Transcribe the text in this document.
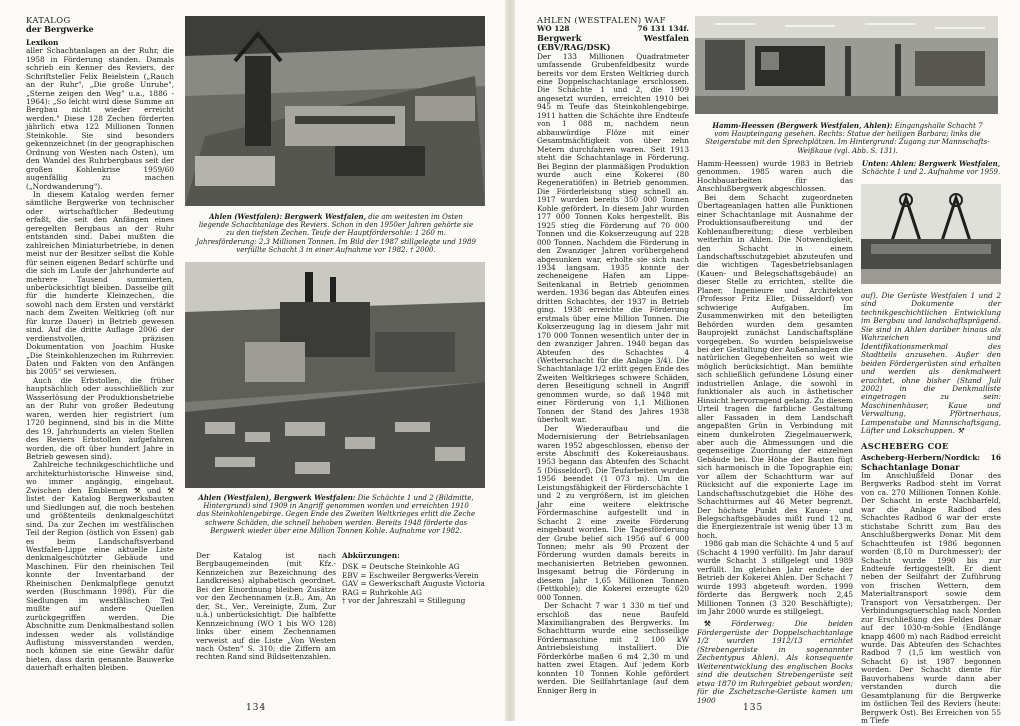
KATALOG
der Bergwerke
Lexikon

aller Schachtanlagen an der Ruhr, die 1958 in Förderung standen. Damals schrieb ein Kenner des Reviers, der Schriftsteller Felix Beielstein („Rauch an der Ruhr", „Die große Unruhe", „Sterne zeigen den Weg" u.a., 1886 - 1964): „So leicht wird diese Summe an Bergbau nicht wieder erreicht werden." Diese 128 Zechen förderten jährlich etwa 122 Millionen Tonnen Steinkohle. Sie sind besonders gekennzeichnet (in der geographischen Ordnung von Westen nach Osten), um den Wandel des Ruhrbergbaus seit der großen Kohlenkrise 1959/60 augenfällig zu machen („Nordwanderung").

In diesem Katalog werden ferner sämtliche Bergwerke von technischer oder wirtschaftlicher Bedeutung erfaßt, die seit den Anfängen eines geregelten Bergbaus an der Ruhr entstanden sind. Dabei mußten die zahlreichen Miniaturbetriebe, in denen meist nur der Besitzer selbst die Kohle für seinen eigenen Bedarf schürfte und die sich im Laufe der Jahrhunderte auf mehrere Tausend summierten, unberücksichtigt bleiben. Dasselbe gilt für die hunderte Kleinzechen, die sowohl nach dem Ersten und verstärkt nach dem Zweiten Weltkrieg (oft nur für kurze Dauer) in Betrieb gewesen sind. Auf die dritte Auflage 2006 der verdienstvollen, präzisen Dokumentation von Joachim Huske „Die Steinkohlenzechen im Ruhrrevier. Daten und Fakten von den Anfängen bis 2005" sei verwiesen.

Auch die Erbstollen, die früher hauptsächlich oder ausschließlich zur Wasserlösung der Produktionsbetriebe an der Ruhr von großer Bedeutung waren, werden hier registriert (um 1720 beginnend, sind bis in die Mitte des 19. Jahrhunderts an vielen Stellen des Reviers Erbstollen aufgefahren worden, die oft über hundert Jahre in Betrieb gewesen sind).

Zahlreiche technikgeschichtliche und architekturhistorische Hinweise sind, wo immer angängig, eingebaut. Zwischen den Emblemen ⚒ und ⚒ listet der Katalog Bergwerksbauten und Siedlungen auf, die noch bestehen und größtenteils denkmalgeschützt sind. Da zur Zechen im westfälischen Teil der Region (östlich von Essen) gab es beim Landschaftsverband Westfalen-Lippe eine aktuelle Liste denkmalgeschützter Gebäude und Maschinen. Für den rheinischen Teil konnte der Inventarband der Rheinischen Denkmalpflege genutzt werden (Buschmann 1998). Für die Siedlungen im westfälischen Teil mußte auf andere Quellen zurückgegriffen werden. Die Abschnitte zum Denkmalbestand sollen indessen weder als vollständige Auflistung missverstanden werden, noch können sie eine Gewähr dafür bieten, dass darin genannte Bauwerke dauerhaft erhalten bleiben.

Ahlen (Westfalen): Bergwerk Westfalen, die am weitesten im Osten liegende Schachtanlage des Reviers. Schon in den 1950er Jahren gehörte sie zu den tiefsten Zechen. Teufe der Hauptfördersohle: 1 260 m. Jahresförderung: 2,3 Millionen Tonnen. Im Bild der 1987 stillgelegte und 1989 verfüllte Schacht 3 in einer Aufnahme vor 1982. † 2000.
Ahlen (Westfalen), Bergwerk Westfalen: Die Schächte 1 und 2 (Bildmitte, Hintergrund) sind 1909 in Angriff genommen worden und erreichten 1910 das Steinkohlengebirge. Gegen Ende des Zweiten Weltkrieges erlitt die Zeche schwere Schäden, die schnell behoben werden. Bereits 1948 förderte das Bergwerk wieder über eine Million Tonnen Kohle. Aufnahme vor 1982.

Der Katalog ist nach Bergbaugemeinden (mit Kfz.-Kennzeichen zur Bezeichnung des Landkreises) alphabetisch geordnet. Bei der Einordnung bleiben Zusätze vor den Zechennamen (z.B., Am, An der, St., Ver., Vereinigte, Zum, Zur u.ä.) unberücksichtigt. Die halbfette Kennzeichnung (WO 1 bis WO 128) links über einem Zechennamen verweist auf die Liste „Von Westen nach Osten" S. 310; die Ziffern am rechten Rand sind Bildseitenzahlen.

Abkürzungen:
DSK = Deutsche Steinkohle AG
EBV = Eschweiler Bergwerks-Verein
GAV = Gewerkschaft Auguste Victoria
RAG = Ruhrkohle AG
† vor der Jahreszahl = Stillegung
134
AHLEN (WESTFALEN) WAF
WO 128	76 131 134f.
Bergwerk Westfalen (EBV/RAG/DSK)

Der 133 Millionen Quadratmeter umfassende Grubenfeldbesitz wurde bereits vor dem Ersten Weltkrieg durch eine Doppelschachtanlage erschlossen. Die Schächte 1 und 2, die 1909 angesetzt wurden, erreichten 1910 bei 945 m Teufe das Steinkohlengebirge. 1911 hatten die Schächte ihre Endteufe von 1 088 m, nachdem neun abbauwürdige Flöze mit einer Gesamtmächtigkeit von über zehn Metern durchfahren waren. Seit 1913 steht die Schachtanlage in Förderung. Bei Beginn der planmäßigen Produktion wurde auch eine Kokerei (80 Regeneratiöfen) in Betrieb genommen. Die Förderleistung stieg schnell an. 1917 wurden bereits 350 000 Tonnen Kohle gefördert. In diesem Jahr wurden 177 000 Tonnen Koks hergestellt. Bis 1925 stieg die Förderung auf 70 000 Tonnen und die Kokserzeugung auf 228 000 Tonnen. Nachdem die Förderung in den Zwanziger Jahren vorübergehend abgesunken war, erholte sie sich nach 1934 langsam. 1935 konnte der zecheneigene Hafen am Lippe-Seitenkanal in Betrieb genommen werden. 1936 began das Abteufen eines dritten Schachtes, der 1937 in Betrieb ging. 1938 erreichte die Förderung erstmals über eine Million Tonnen. Die Kokserzeugung lag in diesem Jahr mit 170 000 Tonnen wesentlich unter der in den zwanziger Jahren. 1940 began das Abteufen des Schachtes 4 (Wetterschacht für die Anlage 3/4). Die Schachtanlage 1/2 erlitt gegen Ende des Zweiten Weltkrieges schwere Schäden, deren Beseitigung schnell in Angriff genommen wurde, so daß 1948 mit einer Förderung von 1,1 Millionen Tonnen der Stand des Jahres 1938 überholt war.

Der Wiederaufbau und die Modernisierung der Betriebsanlagen waren 1952 abgeschlossen, ebenso der erste Abschnitt des Kokereiausbaus. 1953 begann das Abteufen des Schacht 5 (Düsseldorf). Die Teufarbeiten wurden 1956 beendet (1 073 m). Um die Leistungsfähigkeit der Förderschächte 1 und 2 zu vergrößern, ist im gleichen Jahr eine weitere elektrische Fördermaschine aufgestellt und in Schacht 2 eine zweite Förderung eingebaut worden. Die Tagesförderung der Grube belief sich 1956 auf 6 000 Tonnen; mehr als 90 Prozent der Förderung wurden damals bereits in mechanisierten Betrieben gewonnen. Insgesamt betrug die Förderung in diesem Jahr 1,65 Millionen Tonnen (Fettkohle); die Kokerei erzeugte 620 000 Tonnen.

Der Schacht 7 war 1 330 m tief und erschloß das neue Baufeld Maximiliangraben des Bergwerks. Im Schachtturm wurde eine sechsseilige Fördermaschine mit 2 100 kW Antriebsleistung installiert. Die Förderkörbe maßen 6 m4 2,30 m und hatten zwei Etagen. Auf jedem Korb konnten 10 Tonnen Kohle gefördert werden. Die Seilfahrtanlage (auf dem Enniger Berg in

Hamm-Heessen (Bergwerk Westfalen, Ahlen): Eingangshalle Schacht 7 vom Haupteingang gesehen. Rechts: Statue der heiligen Barbara; links die Steigerstube mit den Sprechplätzen. Im Hintergrund: Zugang zur Mannschafts-Weißkaue (vgl. Abb. S. 131).

Hamm-Heessen) wurde 1983 in Betrieb genommen. 1985 waren auch die Hochbauarbeiten für das Anschlußbergwerk abgeschlossen.

Bei dem Schacht zugeordneten Übertageanlagen hatten alle Funktionen einer Schachtanlage mit Ausnahme der Produktionsaufbereitung und der Kohlenaufbereitung; diese verbleiben weiterhin in Ahlen. Die Notwendigkeit, den Schacht in einem Landschaftsschutzgebiet abzuteufen und die wichtigen Tagesbetriebsanlagen (Kauen- und Belegschaftsgebäude) an dieser Stelle zu errichten, stellte die Planer, Ingenieure und Architekten (Professor Fritz Eller, Düsseldorf) vor schwierige Aufgaben. Im Zusammenwirken mit den beteiligten Behörden wurden dem gesamten Bauprojekt zunächst Landschaftspläne vorgegeben. So wurden beispielsweise bei der Gestaltung der Außenanlagen die natürlichen Gegebenheiten so weit wie möglich berücksichtigt. Man bemühte sich schließlich gefundene Lösung einer industriellen Anlage, die sowohl in funktionaler als auch in ästhetischer Hinsicht hervorragend gelang. Zu diesem Urteil tragen die farbliche Gestaltung aller Fassaden in dem Landschaft angepaßten Grün in Verbindung mit einem dunkelroten Ziegelmauerwerk, aber auch die Abmessungen und die gegenseitige Zuordnung der einzelnen Gebäude bei. Die Höhe der Bauten fügt sich harmonisch in die Topographie ein; vor allem der Schachtturm war auf Rücksicht auf die exponierte Lage im Landschaftsschutzgebiet die Höhe des Schachtturmes auf 46 Meter begrenzt. Der höchste Punkt des Kauen- und Belegschaftsgebäudes mißt rund 12 m, die Energiezentrale ist wenig über 13 m hoch.

1986 gab man die Schächte 4 und 5 auf (Schacht 4 1990 verfüllt). Im Jahr darauf wurde Schacht 3 stillgelegt und 1989 verfüllt. Im gleichen Jahr endete der Betrieb der Kokerei Ahlen. Der Schacht 7 wurde 1993 abgeteuft worden. 1999 förderte das Bergwerk noch 2,45 Millionen Tonnen (3 320 Beschäftigte); im Jahr 2000 wurde es stillgelegt.

⚒ Förderweg: Die beiden Fördergerüste der Doppelschachtanlage 1/2 wurden 1912/13 errichtet (Strebengerüste in sogenannter Zechentypus Ahlen). Als konsequente Weiterentwicklung des englischen Bocks sind die deutschen Strebengerüste seit etwa 1870 im Ruhrgebiet gebaut worden; für die Zschetzsche-Gerüste kamen um 1900

Unten: Ahlen: Bergwerk Westfalen, Schächte 1 und 2. Aufnahme vor 1959.

auf). Die Gerüste Westfalen 1 und 2 sind Dokumente der technikgeschichtlichen Entwicklung im Bergbau und landschaftsprägend. Sie sind in Ahlen darüber hinaus als Wahrzeichen und Identifikationsmerkmal des Stadtteils anzusehen. Außer den beiden Fördergerüsten sind erhalten und werden als denkmalwert erachtet, ohne bisher (Stand Juli 2002) in die Denkmalliste eingetragen zu sein: Maschinenhäuser, Kaue und Verwaltung, Pförtnerhaus, Lampenstube und Mannschaftsgang, Lüfter und Lokschuppen. ⚒

ASCHEBERG COE
Ascheberg-Herbern/Nordick: 16
Schachtanlage Donar

Im Anschlußfeld Donar des Bergwerks Radbod steht im Vorrat von ca. 270 Millionen Tonnen Kohle. Der Schacht in erste Nachbarfeld, war die Anlage Radbod des Schachtes Radbod 6 war der erste stichstabe Schritt zum Bau des Anschlußbergwerks Donar. Mit dem Schachtteufen ist 1986 begonnen worden (8,10 m Durchmesser); der Schacht wurde 1990 bis zur Endteufe fertiggestellt. Er dient neben der Seilfahrt der Zuführung von frischen Wettern, dem Materialtransport sowie dem Transport von Versatzbergen. Der Verbindungsquerschlag nach Norden zur Erschließung des Feldes Donar auf der 1030-m-Sohle (Endlänge knapp 4600 m) nach Radbod erreicht wurde. Das Abteufen des Schachtes Radbod 7 (1,5 km westlich von Schacht 6) ist 1987 begonnen worden. Der Schacht diente für Bauvorhabens wurde dann aber verstanden durch die Gesamtplanung für die Bergwerke im östlichen Teil des Reviers (heute: Bergwerk Ost). Bei Erreichen von 55 m Tiefe

135
